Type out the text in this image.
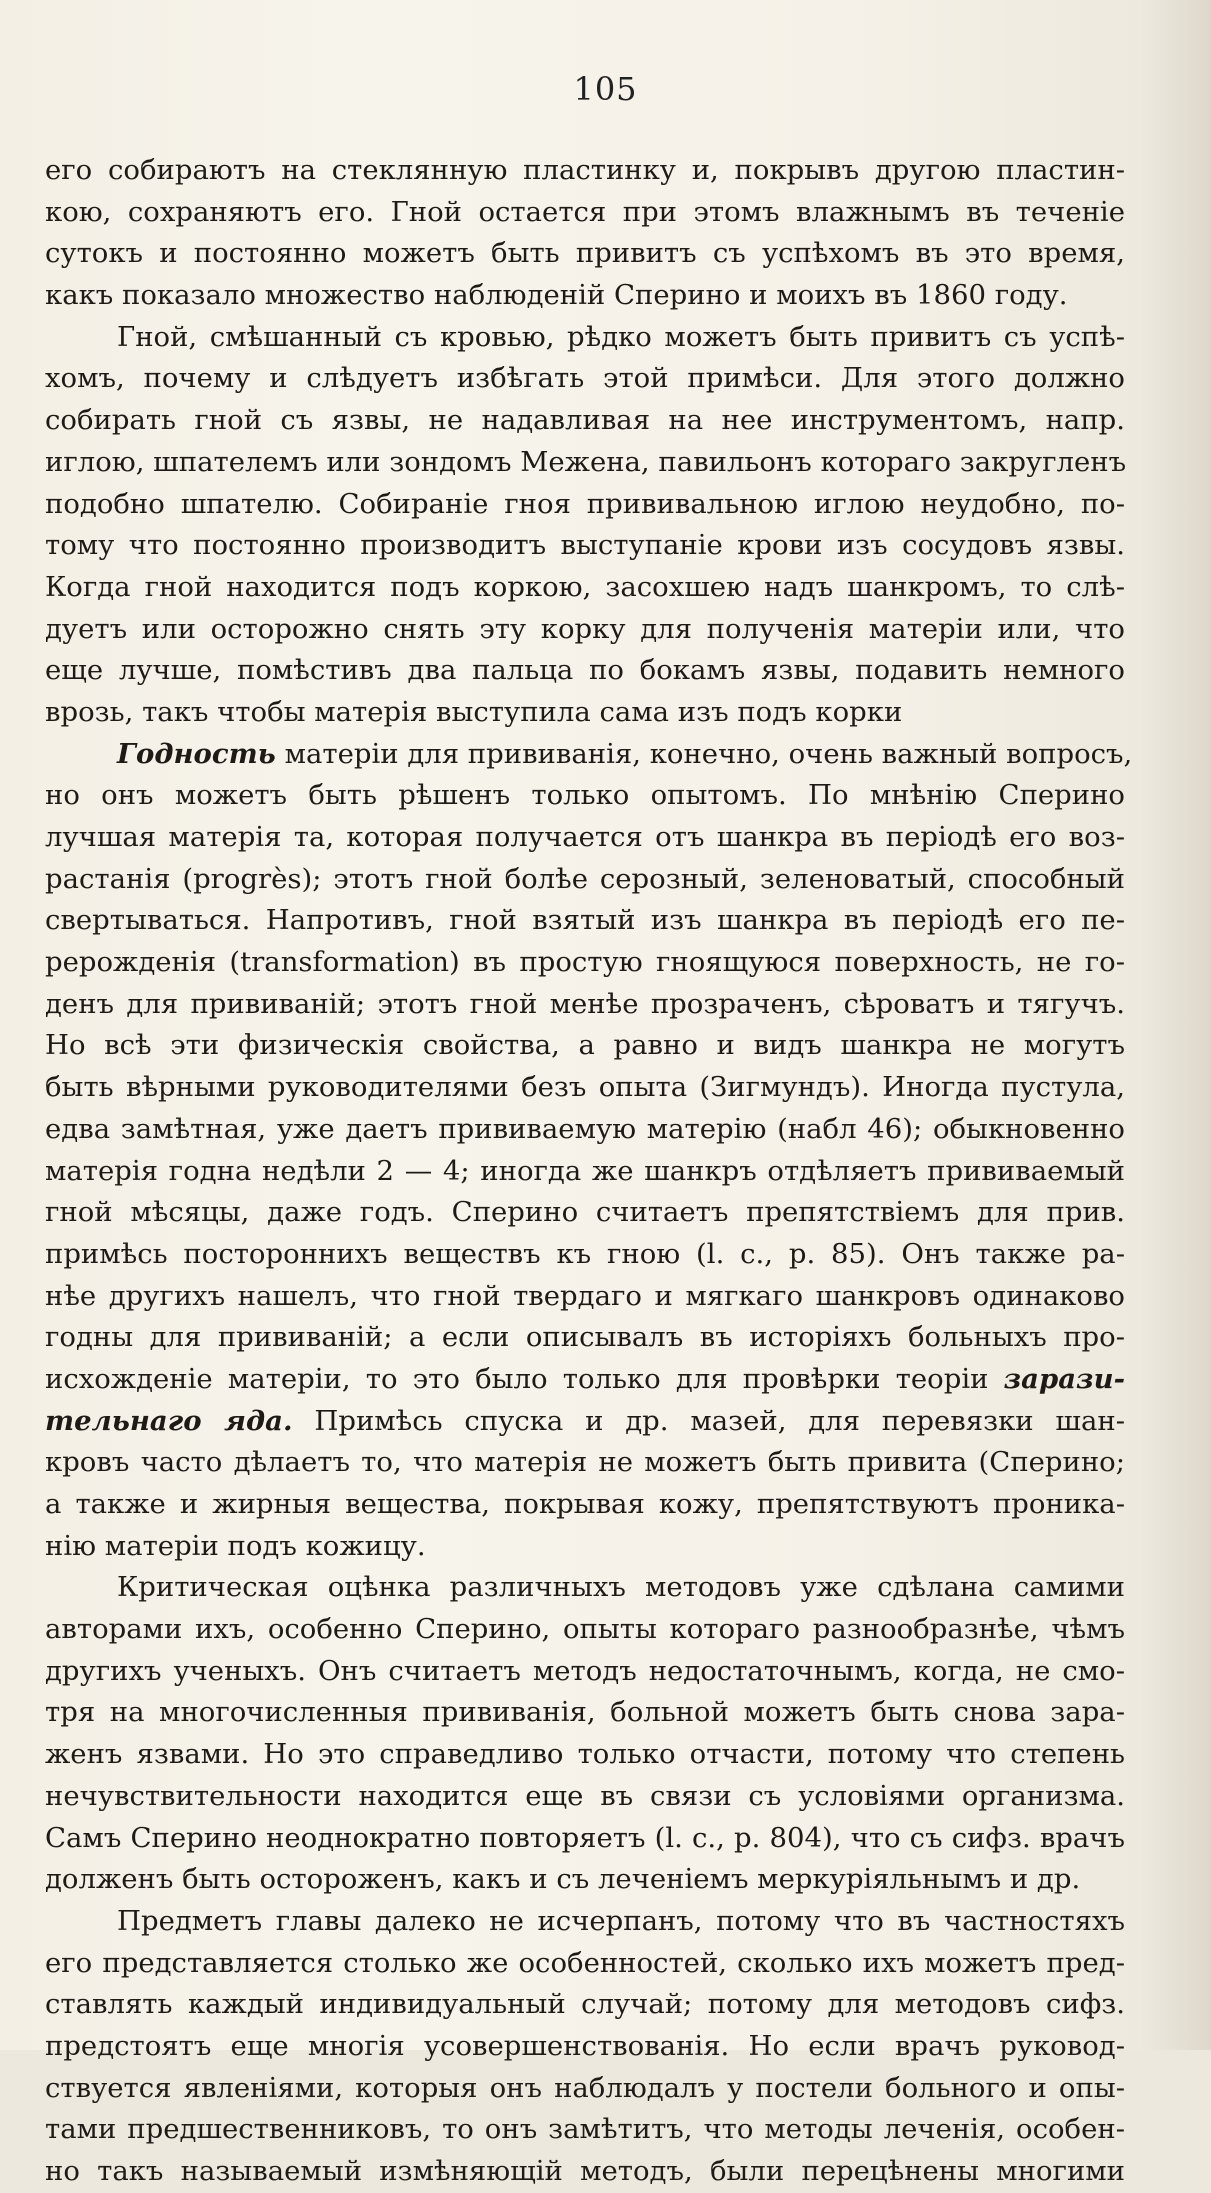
105
его собираютъ на стеклянную пластинку и, покрывъ другою пластин-
кою, сохраняютъ его. Гной остается при этомъ влажнымъ въ теченіе
сутокъ и постоянно можетъ быть привитъ съ успѣхомъ въ это время,
какъ показало множество наблюденій Сперино и моихъ въ 1860 году.
Гной, смѣшанный съ кровью, рѣдко можетъ быть привитъ съ успѣ-
хомъ, почему и слѣдуетъ избѣгать этой примѣси. Для этого должно
собирать гной съ язвы, не надавливая на нее инструментомъ, напр.
иглою, шпателемъ или зондомъ Межена, павильонъ котораго закругленъ
подобно шпателю. Собираніе гноя прививальною иглою неудобно, по-
тому что постоянно производитъ выступаніе крови изъ сосудовъ язвы.
Когда гной находится подъ коркою, засохшею надъ шанкромъ, то слѣ-
дуетъ или осторожно снять эту корку для полученія матеріи или, что
еще лучше, помѣстивъ два пальца по бокамъ язвы, подавить немного
врозь, такъ чтобы матерія выступила сама изъ подъ корки
Годность матеріи для прививанія, конечно, очень важный вопросъ,
но онъ можетъ быть рѣшенъ только опытомъ. По мнѣнію Сперино
лучшая матерія та, которая получается отъ шанкра въ періодѣ его воз-
растанія (progrès); этотъ гной болѣе серозный, зеленоватый, способный
свертываться. Напротивъ, гной взятый изъ шанкра въ періодѣ его пе-
рерожденія (transformation) въ простую гноящуюся поверхность, не го-
денъ для прививаній; этотъ гной менѣе прозраченъ, сѣроватъ и тягучъ.
Но всѣ эти физическія свойства, а равно и видъ шанкра не могутъ
быть вѣрными руководителями безъ опыта (Зигмундъ). Иногда пустула,
едва замѣтная, уже даетъ прививаемую матерію (набл 46); обыкновенно
матерія годна недѣли 2 — 4; иногда же шанкръ отдѣляетъ прививаемый
гной мѣсяцы, даже годъ. Сперино считаетъ препятствіемъ для прив.
примѣсь постороннихъ веществъ къ гною (l. c., p. 85). Онъ также ра-
нѣе другихъ нашелъ, что гной твердаго и мягкаго шанкровъ одинаково
годны для прививаній; а если описывалъ въ исторіяхъ больныхъ про-
исхожденіе матеріи, то это было только для провѣрки теоріи зарази-
тельнаго яда. Примѣсь спуска и др. мазей, для перевязки шан-
кровъ часто дѣлаетъ то, что матерія не можетъ быть привита (Сперино;
а также и жирныя вещества, покрывая кожу, препятствуютъ проника-
нію матеріи подъ кожицу.
Критическая оцѣнка различныхъ методовъ уже сдѣлана самими
авторами ихъ, особенно Сперино, опыты котораго разнообразнѣе, чѣмъ
другихъ ученыхъ. Онъ считаетъ методъ недостаточнымъ, когда, не смо-
тря на многочисленныя прививанія, больной можетъ быть снова зара-
женъ язвами. Но это справедливо только отчасти, потому что степень
нечувствительности находится еще въ связи съ условіями организма.
Самъ Сперино неоднократно повторяетъ (l. c., p. 804), что съ сифз. врачъ
долженъ быть остороженъ, какъ и съ леченіемъ меркуріяльнымъ и др.
Предметъ главы далеко не исчерпанъ, потому что въ частностяхъ
его представляется столько же особенностей, сколько ихъ можетъ пред-
ставлять каждый индивидуальный случай; потому для методовъ сифз.
предстоятъ еще многія усовершенствованія. Но если врачъ руковод-
ствуется явленіями, которыя онъ наблюдалъ у постели больного и опы-
тами предшественниковъ, то онъ замѣтитъ, что методы леченія, особен-
но такъ называемый измѣняющій методъ, были перецѣнены многими
